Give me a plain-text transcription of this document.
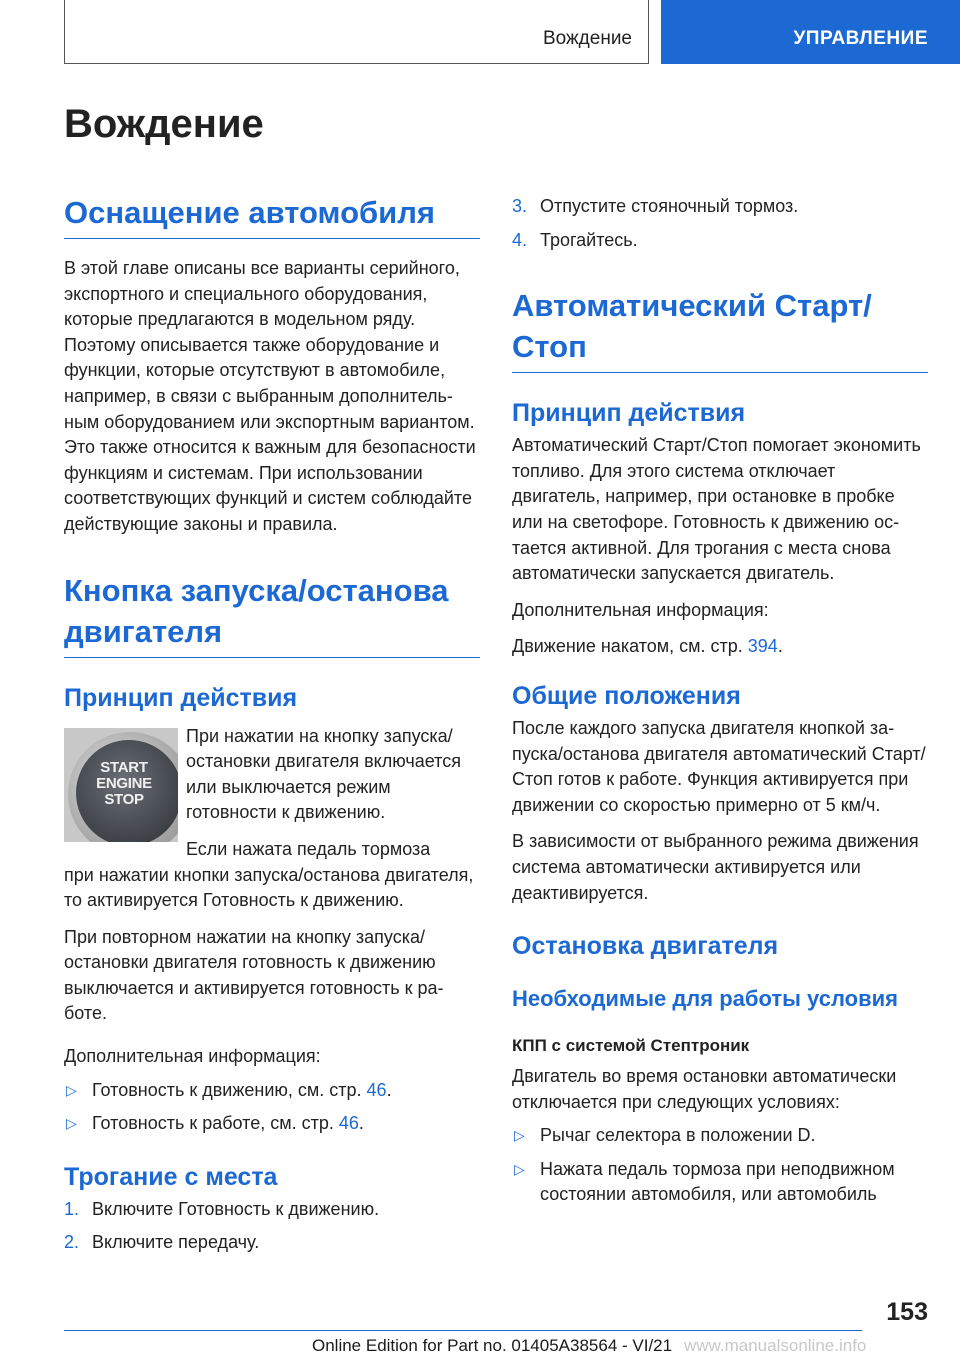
Вождение	УПРАВЛЕНИЕ
Вождение
Оснащение автомобиля

В этой главе описаны все варианты серийного, экспортного и специального оборудования, которые предлагаются в модельном ряду. Поэтому описывается также оборудование и функции, которые отсутствуют в автомобиле, например, в связи с выбранным дополнительным оборудованием или экспортным вариантом. Это также относится к важным для безопасности функциям и системам. При использовании соответствующих функций и систем соблюдайте действующие законы и правила.

Кнопка запуска/останова двигателя
Принцип действия
START
ENGINE
STOP

При нажатии на кнопку запуска/ остановки двигателя включается или выключается режим готовности к движению.

Если нажата педаль тормоза

при нажатии кнопки запуска/останова двигателя, то активируется Готовность к движению.

При повторном нажатии на кнопку запуска/ остановки двигателя готовность к движению выключается и активируется готовность к работе.

Дополнительная информация:

▷ Готовность к движению, см. стр. 46.
▷ Готовность к работе, см. стр. 46.
Трогание с места
1. Включите Готовность к движению.
2. Включите передачу.
3. Отпустите стояночный тормоз.
4. Трогайтесь.
Автоматический Старт/ Стоп
Принцип действия

Автоматический Старт/Стоп помогает экономить топливо. Для этого система отключает двигатель, например, при остановке в пробке или на светофоре. Готовность к движению остается активной. Для трогания с места снова автоматически запускается двигатель.

Дополнительная информация:

Движение накатом, см. стр. 394.

Общие положения

После каждого запуска двигателя кнопкой запуска/останова двигателя автоматический Старт/Стоп готов к работе. Функция активируется при движении со скоростью примерно от 5 км/ч.

В зависимости от выбранного режима движения система автоматически активируется или деактивируется.

Остановка двигателя
Необходимые для работы условия
КПП с системой Стептроник

Двигатель во время остановки автоматически отключается при следующих условиях:

▷ Рычаг селектора в положении D.
▷ Нажата педаль тормоза при неподвижном состоянии автомобиля, или автомобиль
153
Online Edition for Part no. 01405A38564 - VI/21 www.manualsonline.info
